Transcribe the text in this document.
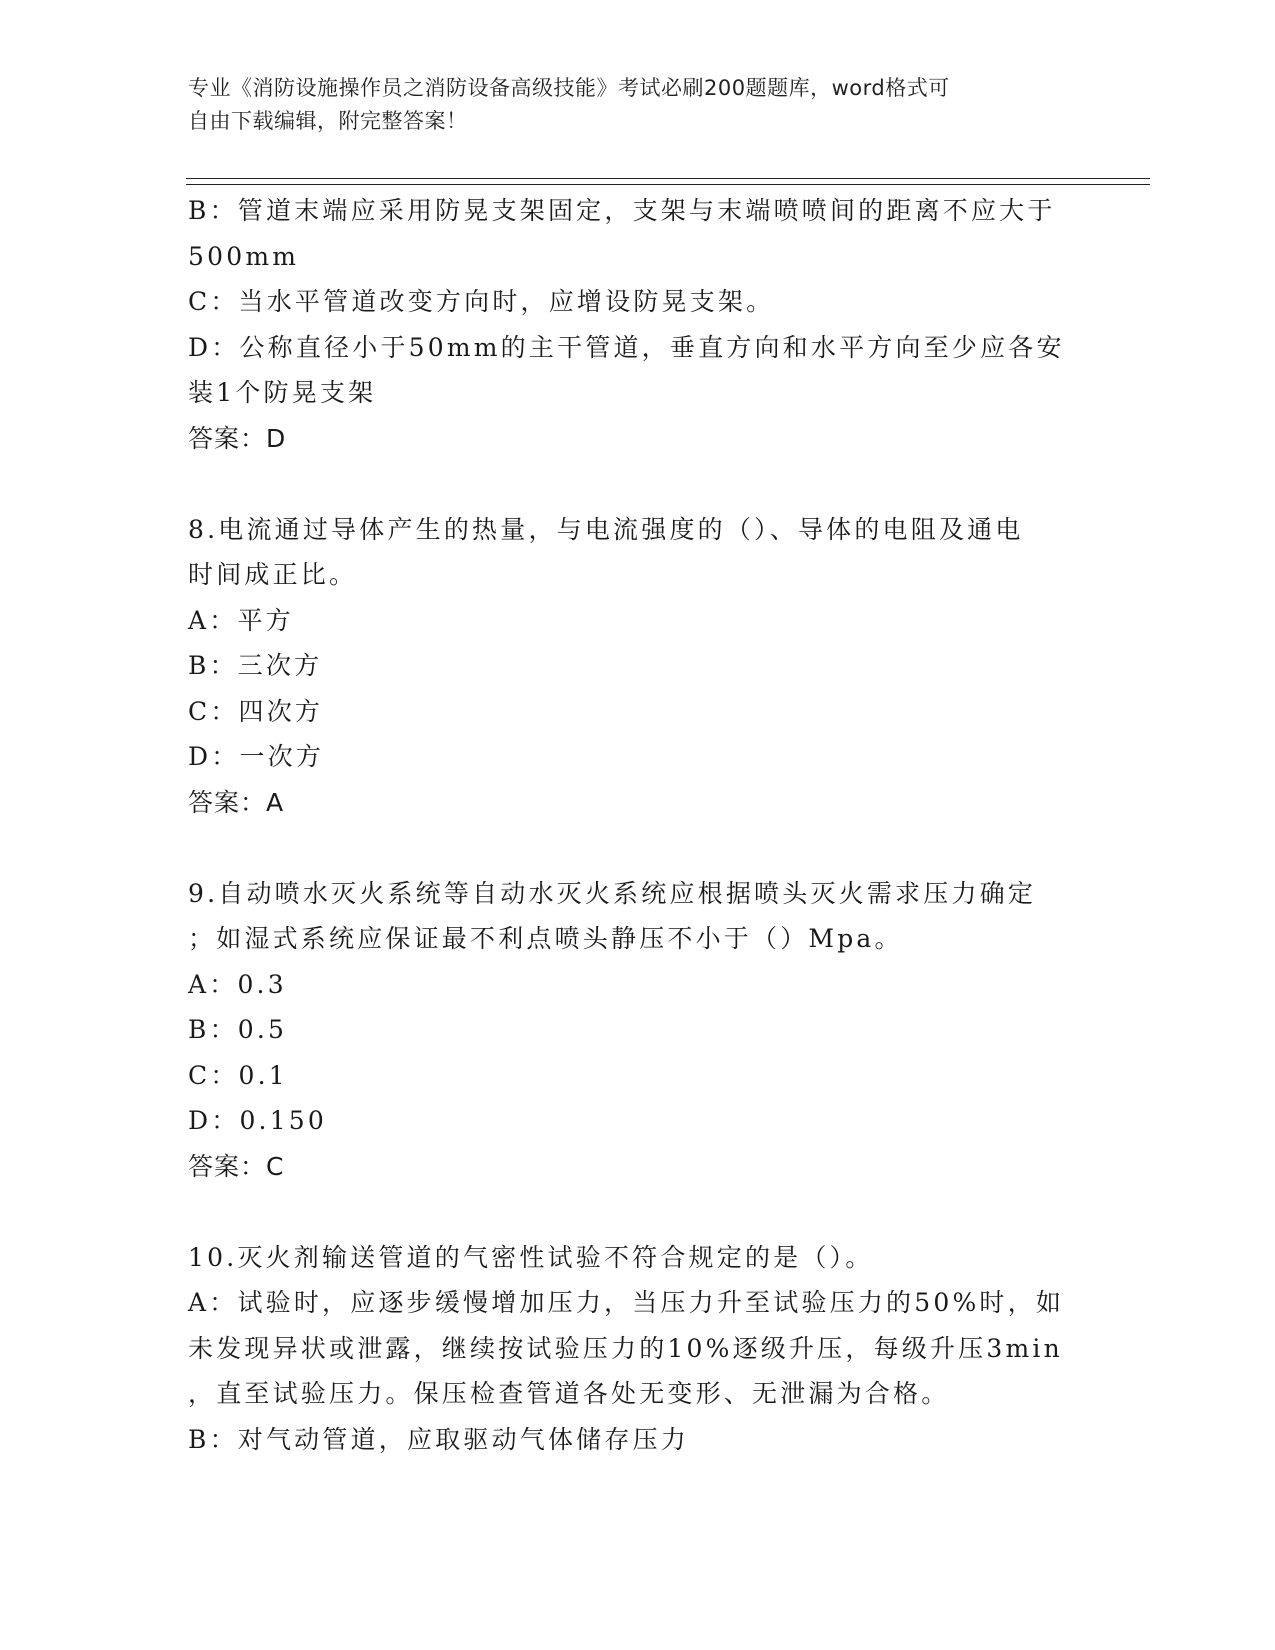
专业《消防设施操作员之消防设备高级技能》考试必刷200题题库，word格式可
自由下载编辑，附完整答案！
B：管道末端应采用防晃支架固定，支架与末端喷喷间的距离不应大于
500mm
C：当水平管道改变方向时，应增设防晃支架。
D：公称直径小于50mm的主干管道，垂直方向和水平方向至少应各安
装1个防晃支架
答案：D
8.电流通过导体产生的热量，与电流强度的（）、导体的电阻及通电
时间成正比。
A：平方
B：三次方
C：四次方
D：一次方
答案：A
9.自动喷水灭火系统等自动水灭火系统应根据喷头灭火需求压力确定
；如湿式系统应保证最不利点喷头静压不小于（）Mpa。
A：0.3
B：0.5
C：0.1
D：0.150
答案：C
10.灭火剂输送管道的气密性试验不符合规定的是（）。
A：试验时，应逐步缓慢增加压力，当压力升至试验压力的50%时，如
未发现异状或泄露，继续按试验压力的10%逐级升压，每级升压3min
，直至试验压力。保压检查管道各处无变形、无泄漏为合格。
B：对气动管道，应取驱动气体储存压力
